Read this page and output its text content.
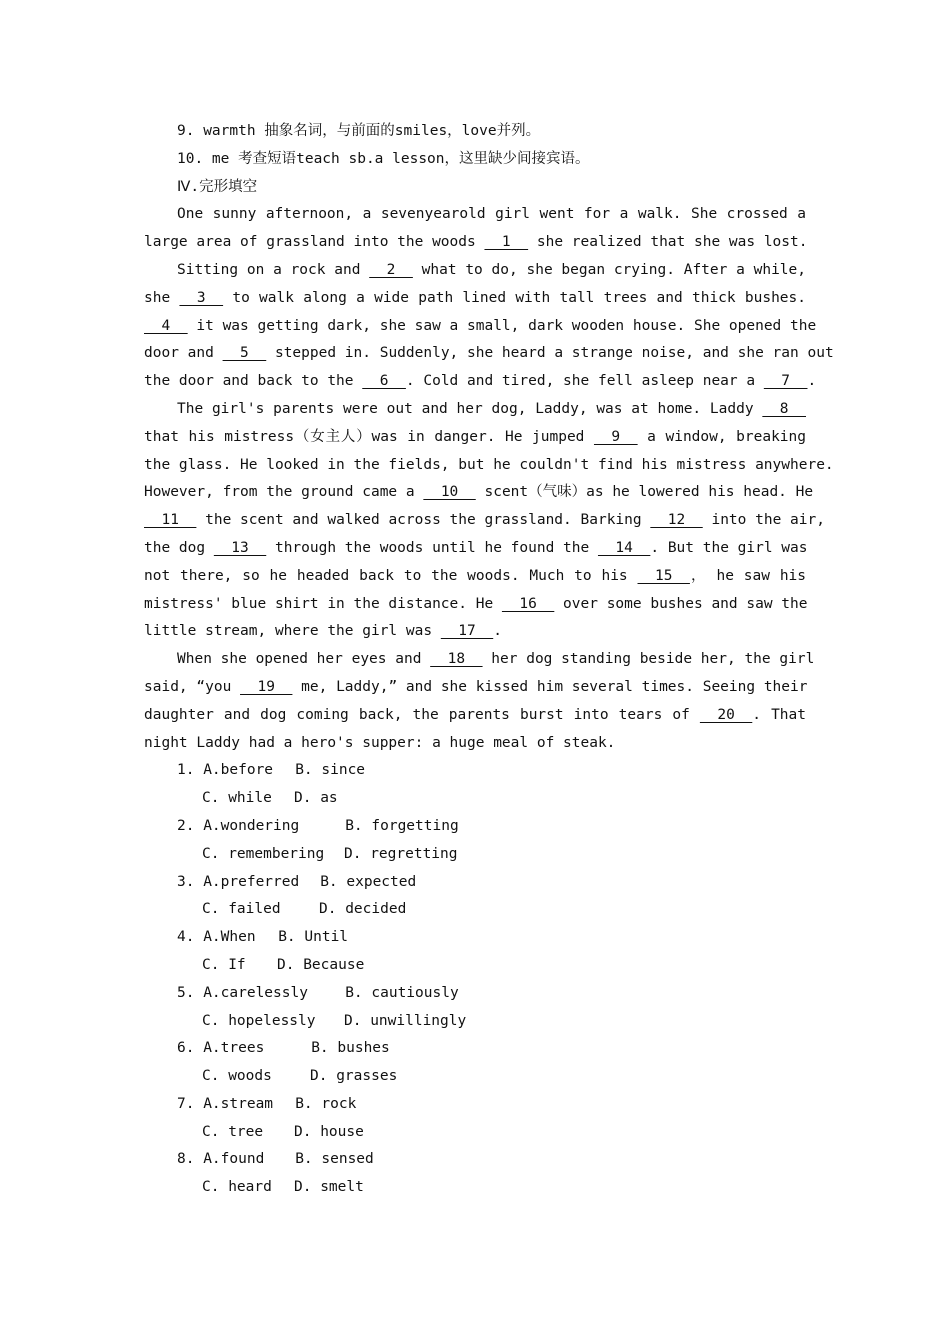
9. warmth 抽象名词，与前面的smiles，love并列。
10. me 考查短语teach sb.a lesson，这里缺少间接宾语。
Ⅳ.完形填空
One sunny afternoon, a sevenyearold girl went for a walk. She crossed a
large area of grassland into the woods   1   she realized that she was lost.
Sitting on a rock and   2   what to do, she began crying. After a while,
she   3   to walk along a wide path lined with tall trees and thick bushes.
4   it was getting dark, she saw a small, dark wooden house. She opened the
door and   5   stepped in. Suddenly, she heard a strange noise, and she ran out
the door and back to the   6  . Cold and tired, she fell asleep near a   7  .
The girl's parents were out and her dog, Laddy, was at home. Laddy   8
that his mistress（女主人）was in danger. He jumped   9   a window, breaking
the glass. He looked in the fields, but he couldn't find his mistress anywhere.
However, from the ground came a   10   scent（气味）as he lowered his head. He
11   the scent and walked across the grassland. Barking   12   into the air,
the dog   13   through the woods until he found the   14  . But the girl was
not there, so he headed back to the woods. Much to his   15  ， he saw his
mistress' blue shirt in the distance. He   16   over some bushes and saw the
little stream, where the girl was   17  .
When she opened her eyes and   18   her dog standing beside her, the girl
said, “you   19   me, Laddy,” and she kissed him several times. Seeing their
daughter and dog coming back, the parents burst into tears of   20  . That
night Laddy had a hero's supper: a huge meal of steak.
1. A.before B. since
C. while D. as
2. A.wondering	B. forgetting
C. remembering D. regretting
3. A.preferred B. expected
C. failed	D. decided
4. A.When B. Until
C. If D. Because
5. A.carelessly	B. cautiously
C. hopelessly D. unwillingly
6. A.trees	B. bushes
C. woods	D. grasses
7. A.stream B. rock
C. tree D. house
8. A.found B. sensed
C. heard D. smelt
